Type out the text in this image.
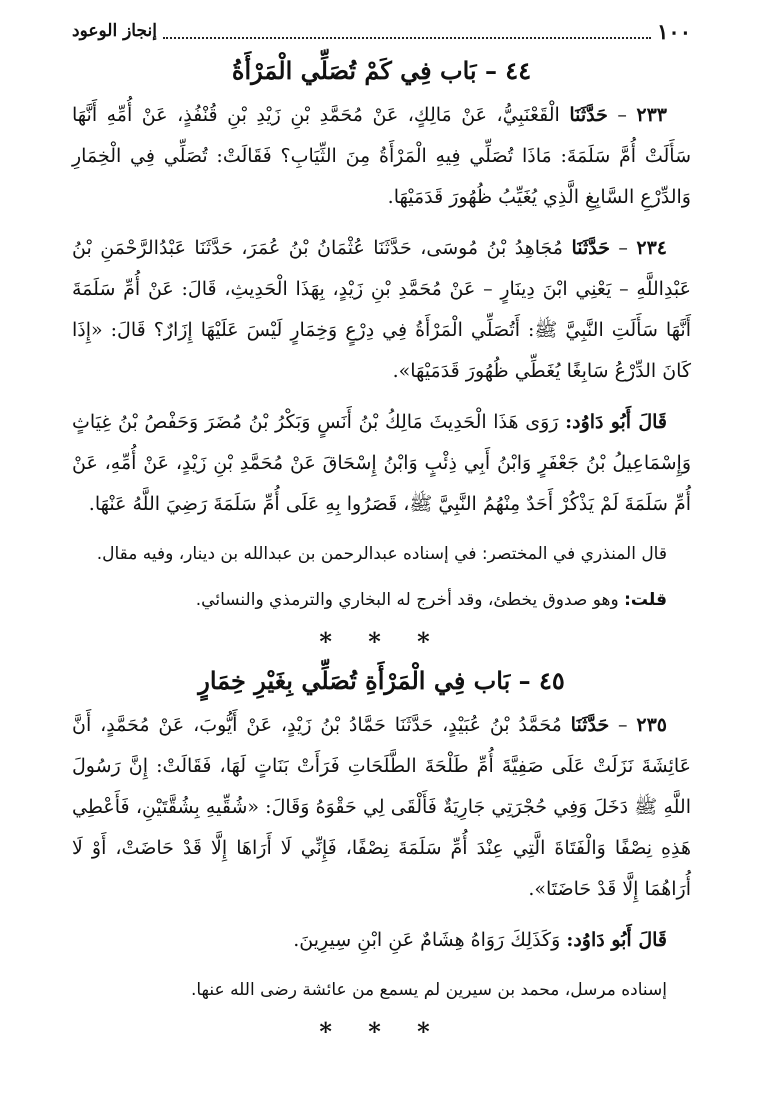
١٠٠
إنجاز الوعود
٤٤ – بَاب فِي كَمْ تُصَلِّي الْمَرْأَةُ

٢٣٣ – حَدَّثَنَا الْقَعْنَبِيُّ، عَنْ مَالِكٍ، عَنْ مُحَمَّدِ بْنِ زَيْدِ بْنِ قُنْفُذٍ، عَنْ أُمِّهِ أَنَّهَا سَأَلَتْ أُمَّ سَلَمَةَ: مَاذَا تُصَلِّي فِيهِ الْمَرْأَةُ مِنَ الثِّيَابِ؟ فَقَالَتْ: تُصَلِّي فِي الْخِمَارِ وَالدِّرْعِ السَّابِغِ الَّذِي يُغَيِّبُ ظُهُورَ قَدَمَيْهَا.

٢٣٤ – حَدَّثَنَا مُجَاهِدُ بْنُ مُوسَى، حَدَّثَنَا عُثْمَانُ بْنُ عُمَرَ، حَدَّثَنَا عَبْدُالرَّحْمَنِ بْنُ عَبْدِاللَّهِ – يَعْنِي ابْنَ دِينَارٍ – عَنْ مُحَمَّدِ بْنِ زَيْدٍ، بِهَذَا الْحَدِيثِ، قَالَ: عَنْ أُمِّ سَلَمَةَ أَنَّهَا سَأَلَتِ النَّبِيَّ ﷺ: أَتُصَلِّي الْمَرْأَةُ فِي دِرْعٍ وَخِمَارٍ لَيْسَ عَلَيْهَا إِزَارٌ؟ قَالَ: «إِذَا كَانَ الدِّرْعُ سَابِغًا يُغَطِّي ظُهُورَ قَدَمَيْهَا».

قَالَ أَبُو دَاوُد: رَوَى هَذَا الْحَدِيثَ مَالِكُ بْنُ أَنَسٍ وَبَكْرُ بْنُ مُضَرَ وَحَفْصُ بْنُ غِيَاثٍ وَإِسْمَاعِيلُ بْنُ جَعْفَرٍ وَابْنُ أَبِي ذِئْبٍ وَابْنُ إِسْحَاقَ عَنْ مُحَمَّدِ بْنِ زَيْدٍ، عَنْ أُمِّهِ، عَنْ أُمِّ سَلَمَةَ لَمْ يَذْكُرْ أَحَدٌ مِنْهُمُ النَّبِيَّ ﷺ، قَصَرُوا بِهِ عَلَى أُمِّ سَلَمَةَ رَضِيَ اللَّهُ عَنْهَا.

قال المنذري في المختصر: في إسناده عبدالرحمن بن عبدالله بن دينار، وفيه مقال.

قلت: وهو صدوق يخطئ، وقد أخرج له البخاري والترمذي والنسائي.

* * *
٤٥ – بَاب فِي الْمَرْأَةِ تُصَلِّي بِغَيْرِ خِمَارٍ

٢٣٥ – حَدَّثَنَا مُحَمَّدُ بْنُ عُبَيْدٍ، حَدَّثَنَا حَمَّادُ بْنُ زَيْدٍ، عَنْ أَيُّوبَ، عَنْ مُحَمَّدٍ، أَنَّ عَائِشَةَ نَزَلَتْ عَلَى صَفِيَّةَ أُمِّ طَلْحَةَ الطَّلَحَاتِ فَرَأَتْ بَنَاتٍ لَهَا، فَقَالَتْ: إِنَّ رَسُولَ اللَّهِ ﷺ دَخَلَ وَفِي حُجْرَتِي جَارِيَةٌ فَأَلْقَى لِي حَقْوَهُ وَقَالَ: «شُقِّيهِ بِشُقَّتَيْنِ، فَأَعْطِي هَذِهِ نِصْفًا وَالْفَتَاةَ الَّتِي عِنْدَ أُمِّ سَلَمَةَ نِصْفًا، فَإِنِّي لَا أَرَاهَا إِلَّا قَدْ حَاضَتْ، أَوْ لَا أُرَاهُمَا إِلَّا قَدْ حَاضَتَا».

قَالَ أَبُو دَاوُد: وَكَذَلِكَ رَوَاهُ هِشَامٌ عَنِ ابْنِ سِيرِينَ.

إسناده مرسل، محمد بن سيرين لم يسمع من عائشة رضى الله عنها.

* * *
